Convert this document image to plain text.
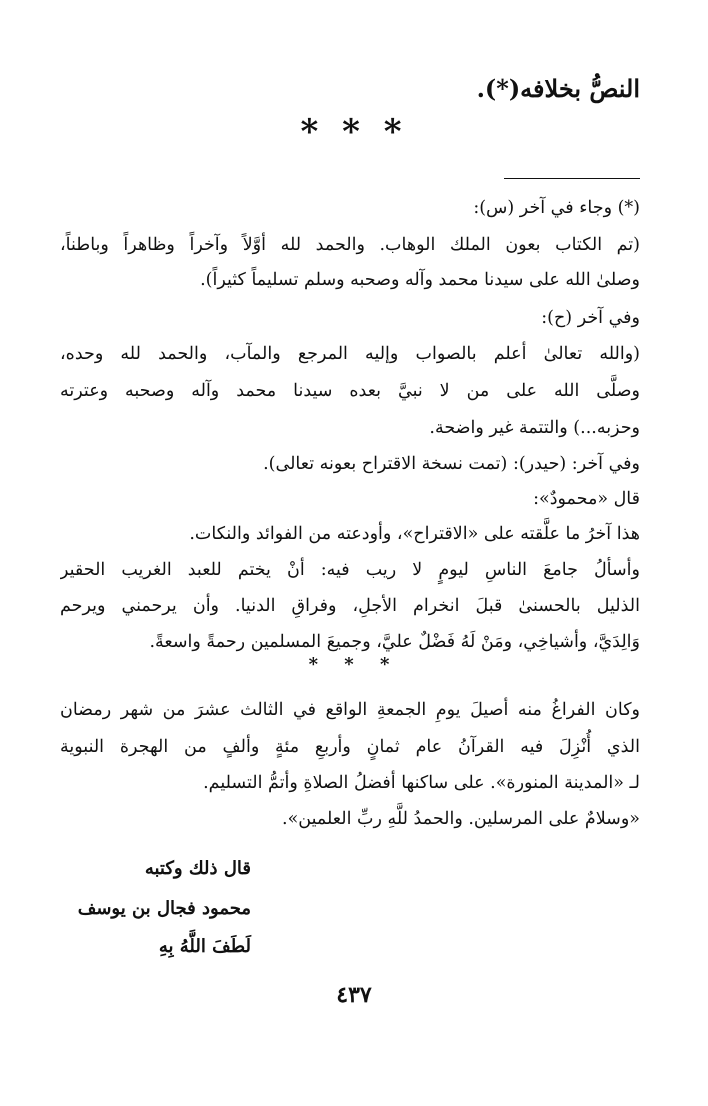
النصُّ بخلافه(*).
* * *
(*) وجاء في آخر (س):
(تم الكتاب بعون الملك الوهاب. والحمد لله أوَّلاً وآخراً وظاهراً وباطناً،
وصلىٰ الله على سيدنا محمد وآله وصحبه وسلم تسليماً كثيراً).
وفي آخر (ح):
(والله تعالىٰ أعلم بالصواب وإليه المرجع والمآب، والحمد لله وحده،
وصلَّى الله على من لا نبيَّ بعده سيدنا محمد وآله وصحبه وعترته
وحزبه...) والتتمة غير واضحة.
وفي آخر: (حيدر): (تمت نسخة الاقتراح بعونه تعالى).
قال «محمودٌ»:
هذا آخرُ ما علَّقته على «الاقتراح»، وأودعته من الفوائد والنكات.
وأسألُ جامعَ الناسِ ليومٍ لا ريب فيه: أنْ يختم للعبد الغريب الحقير
الذليل بالحسنىٰ قبلَ انخرام الأجلِ، وفراقِ الدنيا. وأن يرحمني ويرحم
وَالِدَيَّ، وأشياخِي، ومَنْ لَهُ فَضْلٌ عليَّ، وجميعَ المسلمين رحمةً واسعةً.
وكان الفراغُ منه أصيلَ يومِ الجمعةِ الواقع في الثالث عشرَ من شهر رمضان
الذي أُنْزِلَ فيه القرآنُ عام ثمانٍ وأربعِ مئةٍ وألفٍ من الهجرة النبوية
لـ «المدينة المنورة». على ساكنها أفضلُ الصلاةِ وأتمُّ التسليم.
«وسلامٌ على المرسلين. والحمدُ للَّهِ ربِّ العلمين».
* * *
قال ذلك وكتبه
محمود فجال بن يوسف
لَطَفَ اللَّهُ بِهِ
٤٣٧
